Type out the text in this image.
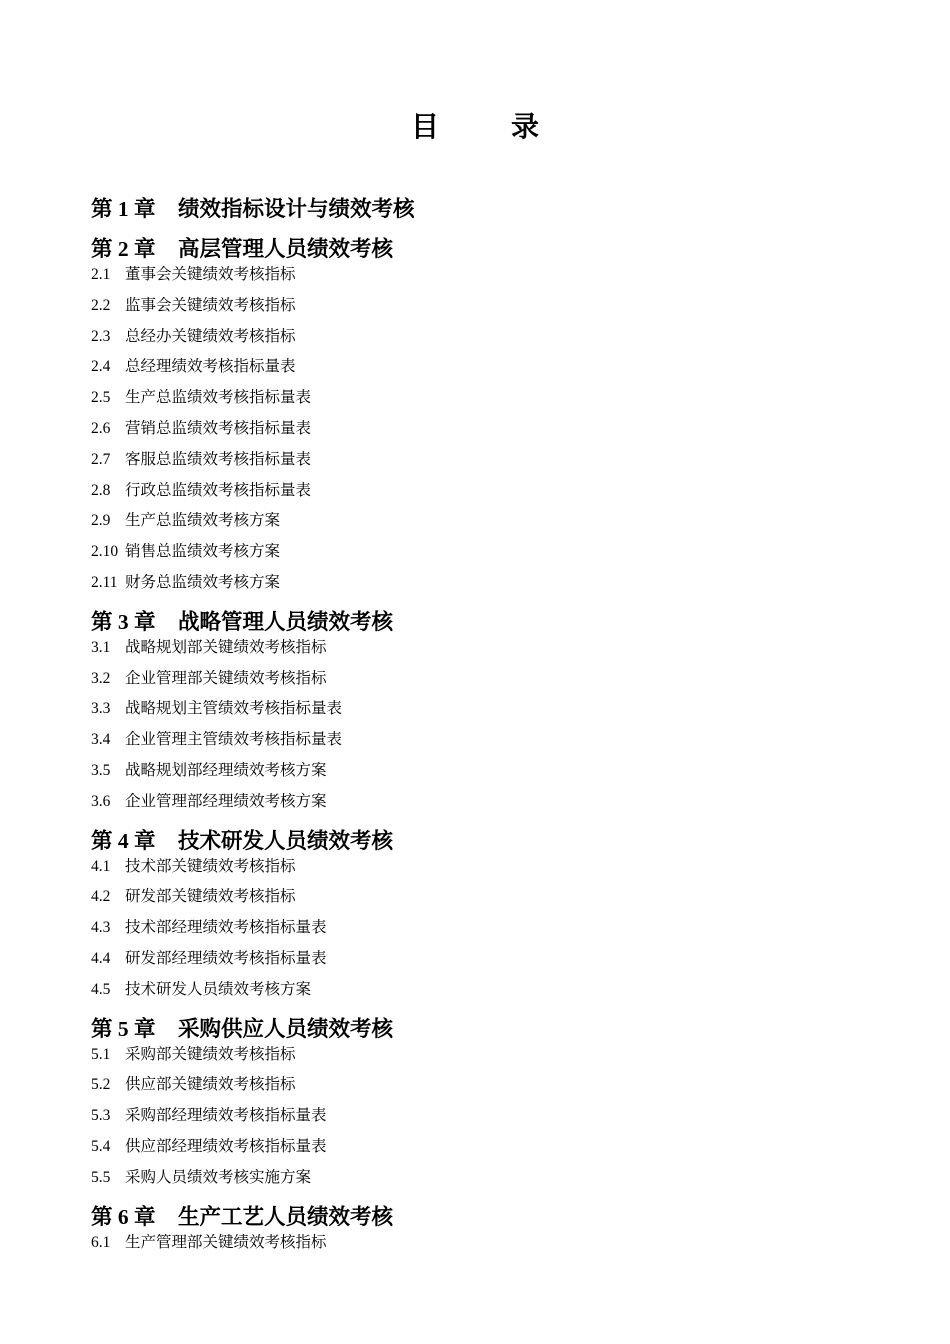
目　录
第 1 章 绩效指标设计与绩效考核
第 2 章 高层管理人员绩效考核
2.1 董事会关键绩效考核指标
2.2 监事会关键绩效考核指标
2.3 总经办关键绩效考核指标
2.4 总经理绩效考核指标量表
2.5 生产总监绩效考核指标量表
2.6 营销总监绩效考核指标量表
2.7 客服总监绩效考核指标量表
2.8 行政总监绩效考核指标量表
2.9 生产总监绩效考核方案
2.10 销售总监绩效考核方案
2.11 财务总监绩效考核方案
第 3 章 战略管理人员绩效考核
3.1 战略规划部关键绩效考核指标
3.2 企业管理部关键绩效考核指标
3.3 战略规划主管绩效考核指标量表
3.4 企业管理主管绩效考核指标量表
3.5 战略规划部经理绩效考核方案
3.6 企业管理部经理绩效考核方案
第 4 章 技术研发人员绩效考核
4.1 技术部关键绩效考核指标
4.2 研发部关键绩效考核指标
4.3 技术部经理绩效考核指标量表
4.4 研发部经理绩效考核指标量表
4.5 技术研发人员绩效考核方案
第 5 章 采购供应人员绩效考核
5.1 采购部关键绩效考核指标
5.2 供应部关键绩效考核指标
5.3 采购部经理绩效考核指标量表
5.4 供应部经理绩效考核指标量表
5.5 采购人员绩效考核实施方案
第 6 章 生产工艺人员绩效考核
6.1 生产管理部关键绩效考核指标
